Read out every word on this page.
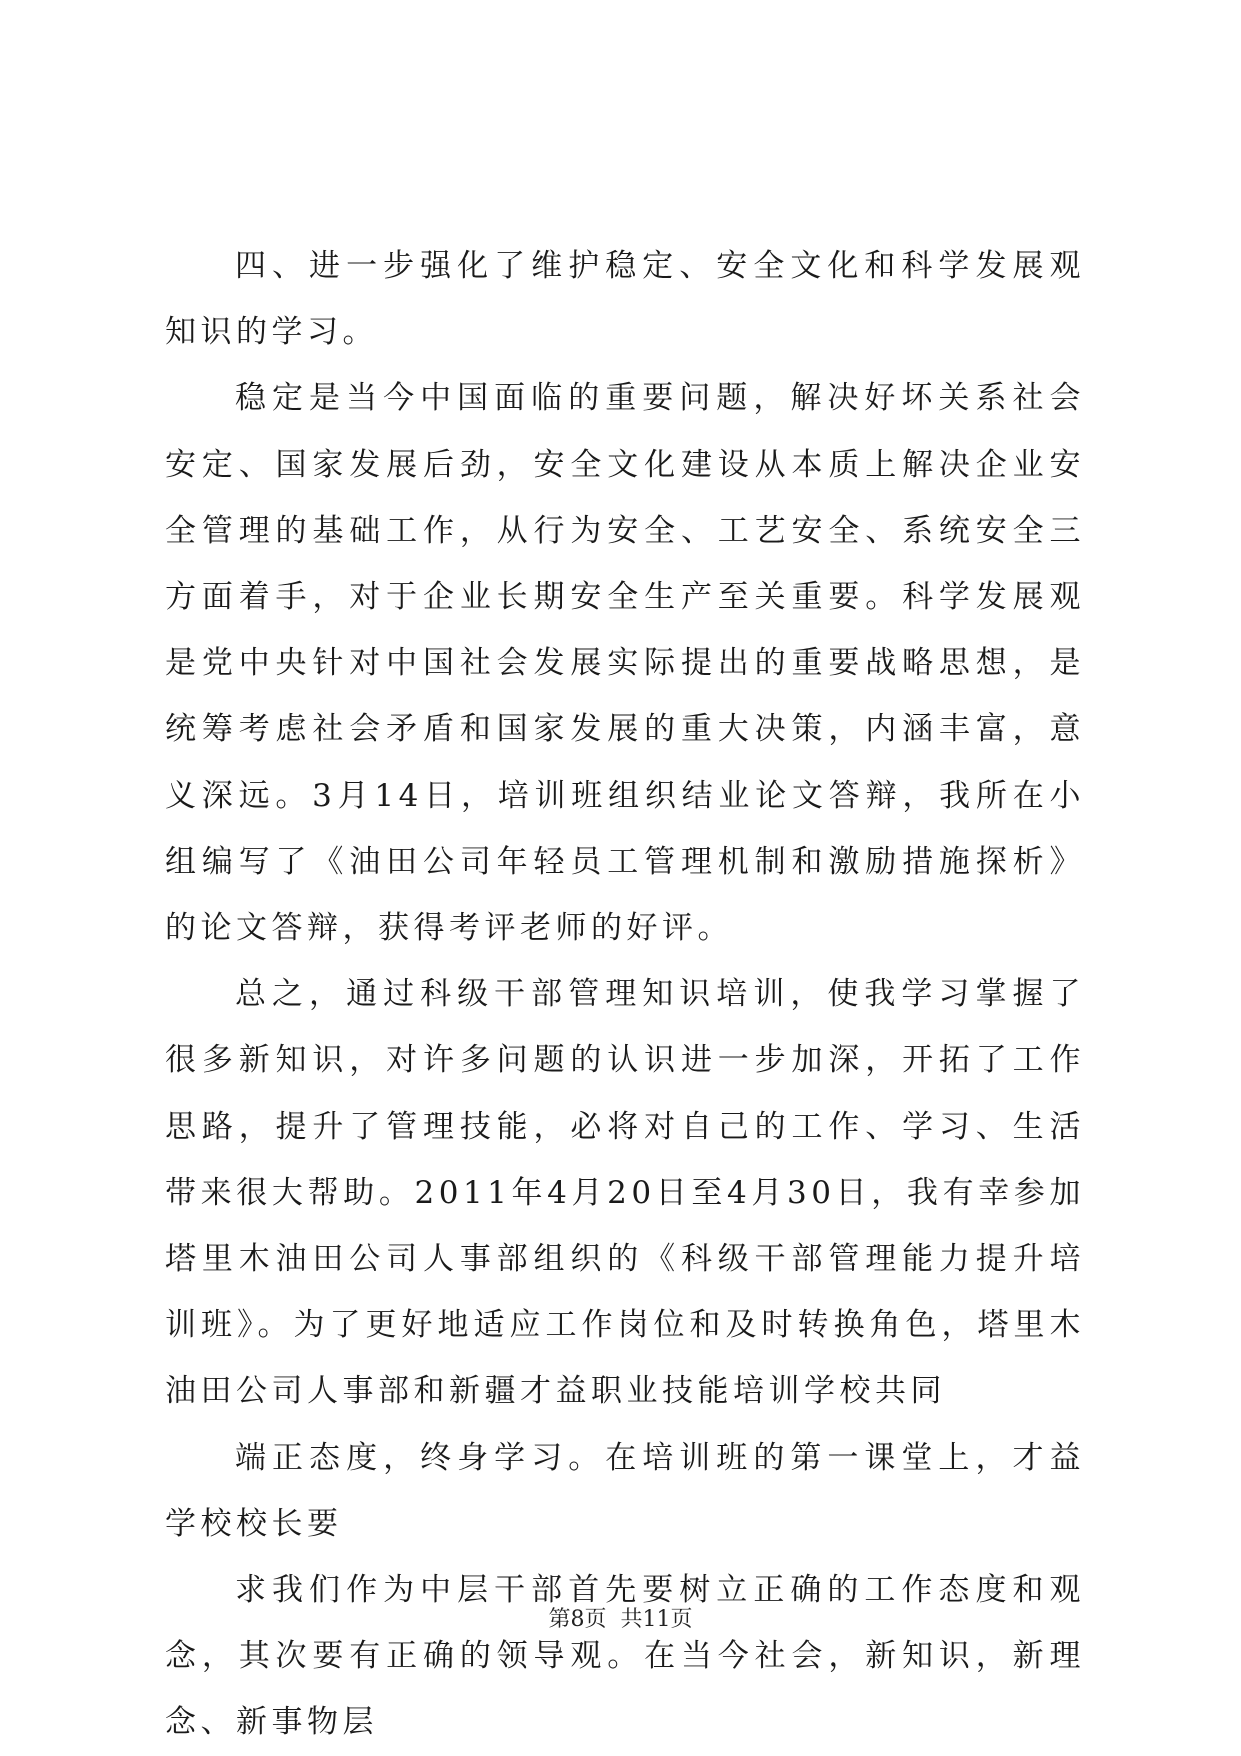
四、进一步强化了维护稳定、安全文化和科学发展观知识的学习。

稳定是当今中国面临的重要问题，解决好坏关系社会安定、国家发展后劲，安全文化建设从本质上解决企业安全管理的基础工作，从行为安全、工艺安全、系统安全三方面着手，对于企业长期安全生产至关重要。科学发展观是党中央针对中国社会发展实际提出的重要战略思想，是统筹考虑社会矛盾和国家发展的重大决策，内涵丰富，意义深远。3月14日，培训班组织结业论文答辩，我所在小组编写了《油田公司年轻员工管理机制和激励措施探析》的论文答辩，获得考评老师的好评。

总之，通过科级干部管理知识培训，使我学习掌握了很多新知识，对许多问题的认识进一步加深，开拓了工作思路，提升了管理技能，必将对自己的工作、学习、生活带来很大帮助。2011年4月20日至4月30日，我有幸参加塔里木油田公司人事部组织的《科级干部管理能力提升培训班》。为了更好地适应工作岗位和及时转换角色，塔里木油田公司人事部和新疆才益职业技能培训学校共同

端正态度，终身学习。在培训班的第一课堂上，才益学校校长要

求我们作为中层干部首先要树立正确的工作态度和观念，其次要有正确的领导观。在当今社会，新知识，新理念、新事物层

第8页 共11页
